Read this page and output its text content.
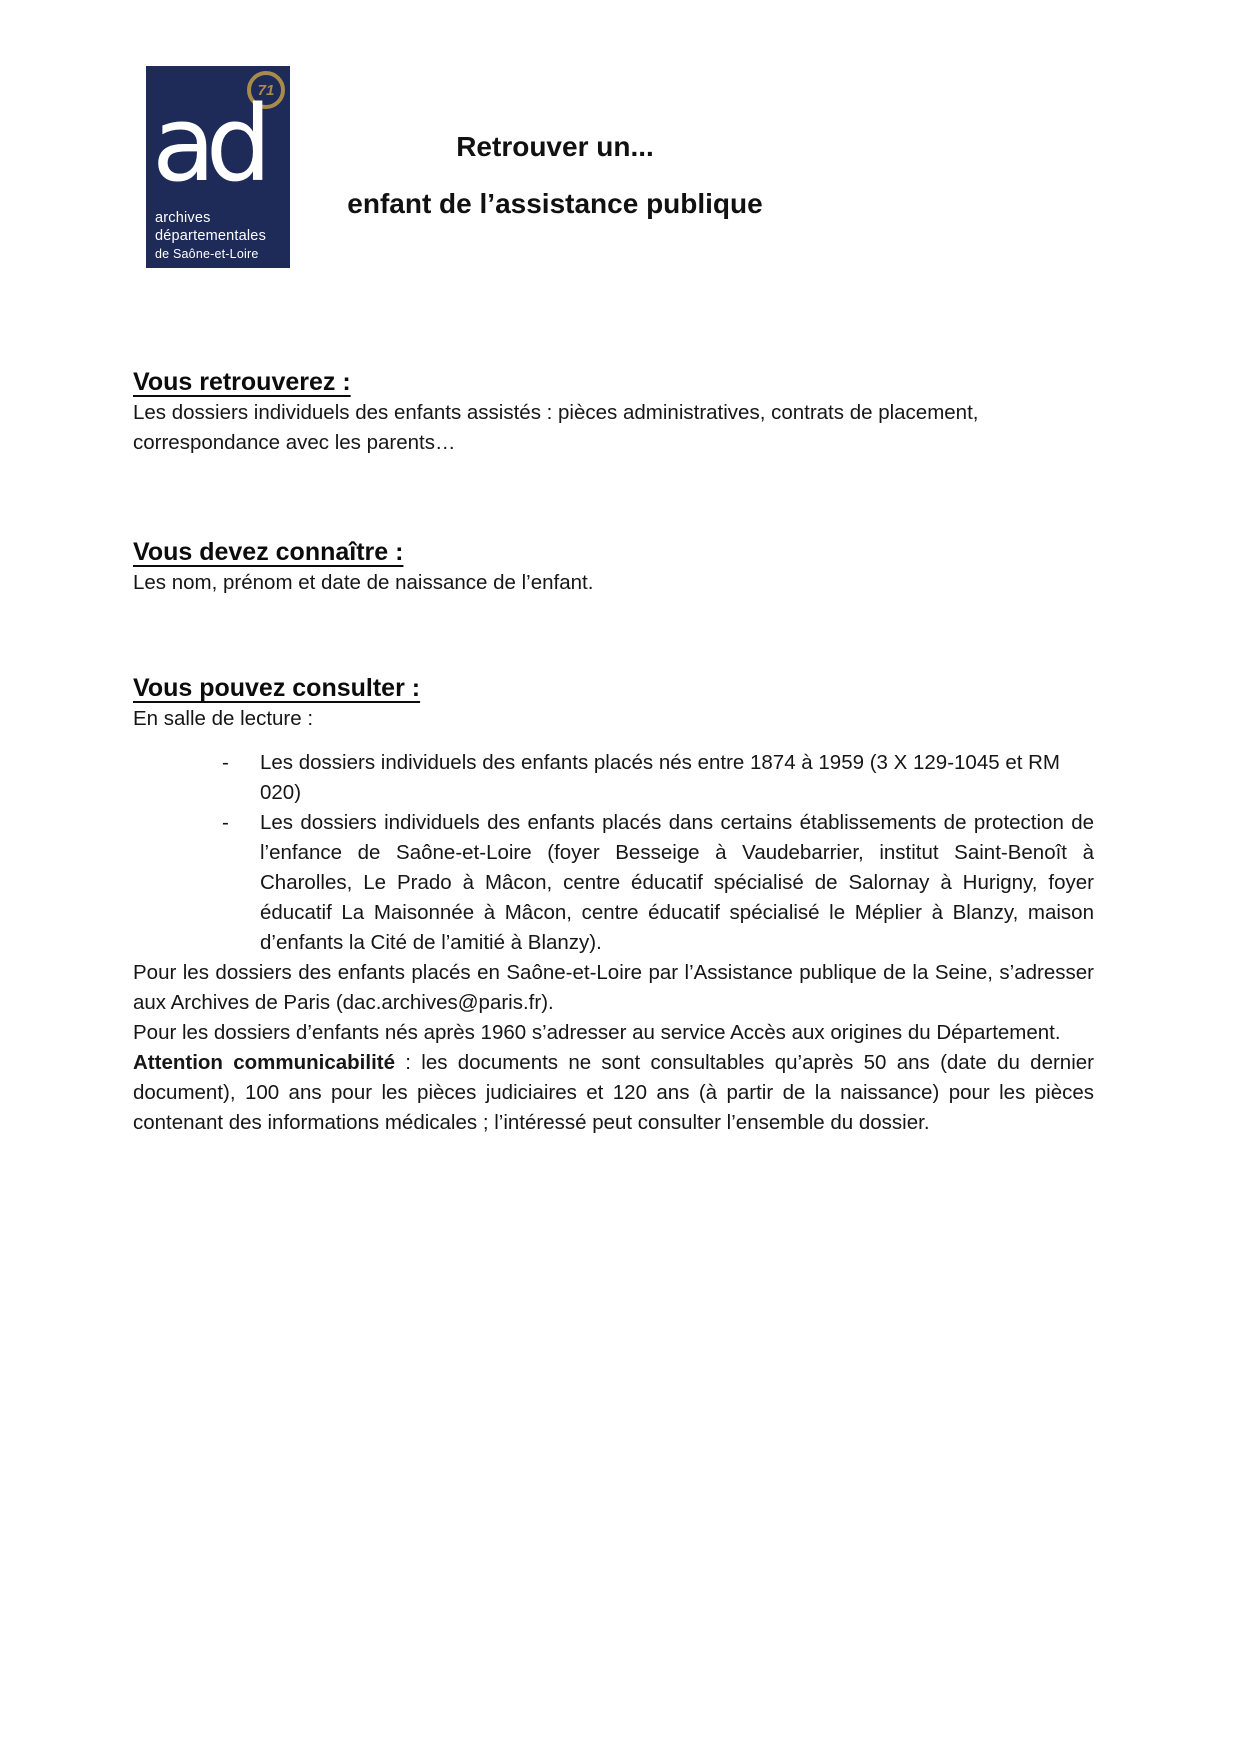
71
ad
archives
départementales
de Saône-et-Loire
Retrouver un...
enfant de l’assistance publique
Vous retrouverez :

Les dossiers individuels des enfants assistés : pièces administratives, contrats de placement, correspondance avec les parents…

Vous devez connaître :

Les nom, prénom et date de naissance de l’enfant.

Vous pouvez consulter :

En salle de lecture :

-	Les dossiers individuels des enfants placés nés entre 1874 à 1959 (3 X 129-1045 et RM 020)
-	Les dossiers individuels des enfants placés dans certains établissements de protection de l’enfance de Saône-et-Loire (foyer Besseige à Vaudebarrier, institut Saint-Benoît à Charolles, Le Prado à Mâcon, centre éducatif spécialisé de Salornay à Hurigny, foyer éducatif La Maisonnée à Mâcon, centre éducatif spécialisé le Méplier à Blanzy, maison d’enfants la Cité de l’amitié à Blanzy).

Pour les dossiers des enfants placés en Saône-et-Loire par l’Assistance publique de la Seine, s’adresser aux Archives de Paris (dac.archives@paris.fr).

Pour les dossiers d’enfants nés après 1960 s’adresser au service Accès aux origines du Département.

Attention communicabilité : les documents ne sont consultables qu’après 50 ans (date du dernier document), 100 ans pour les pièces judiciaires et 120 ans (à partir de la naissance) pour les pièces contenant des informations médicales ; l’intéressé peut consulter l’ensemble du dossier.
